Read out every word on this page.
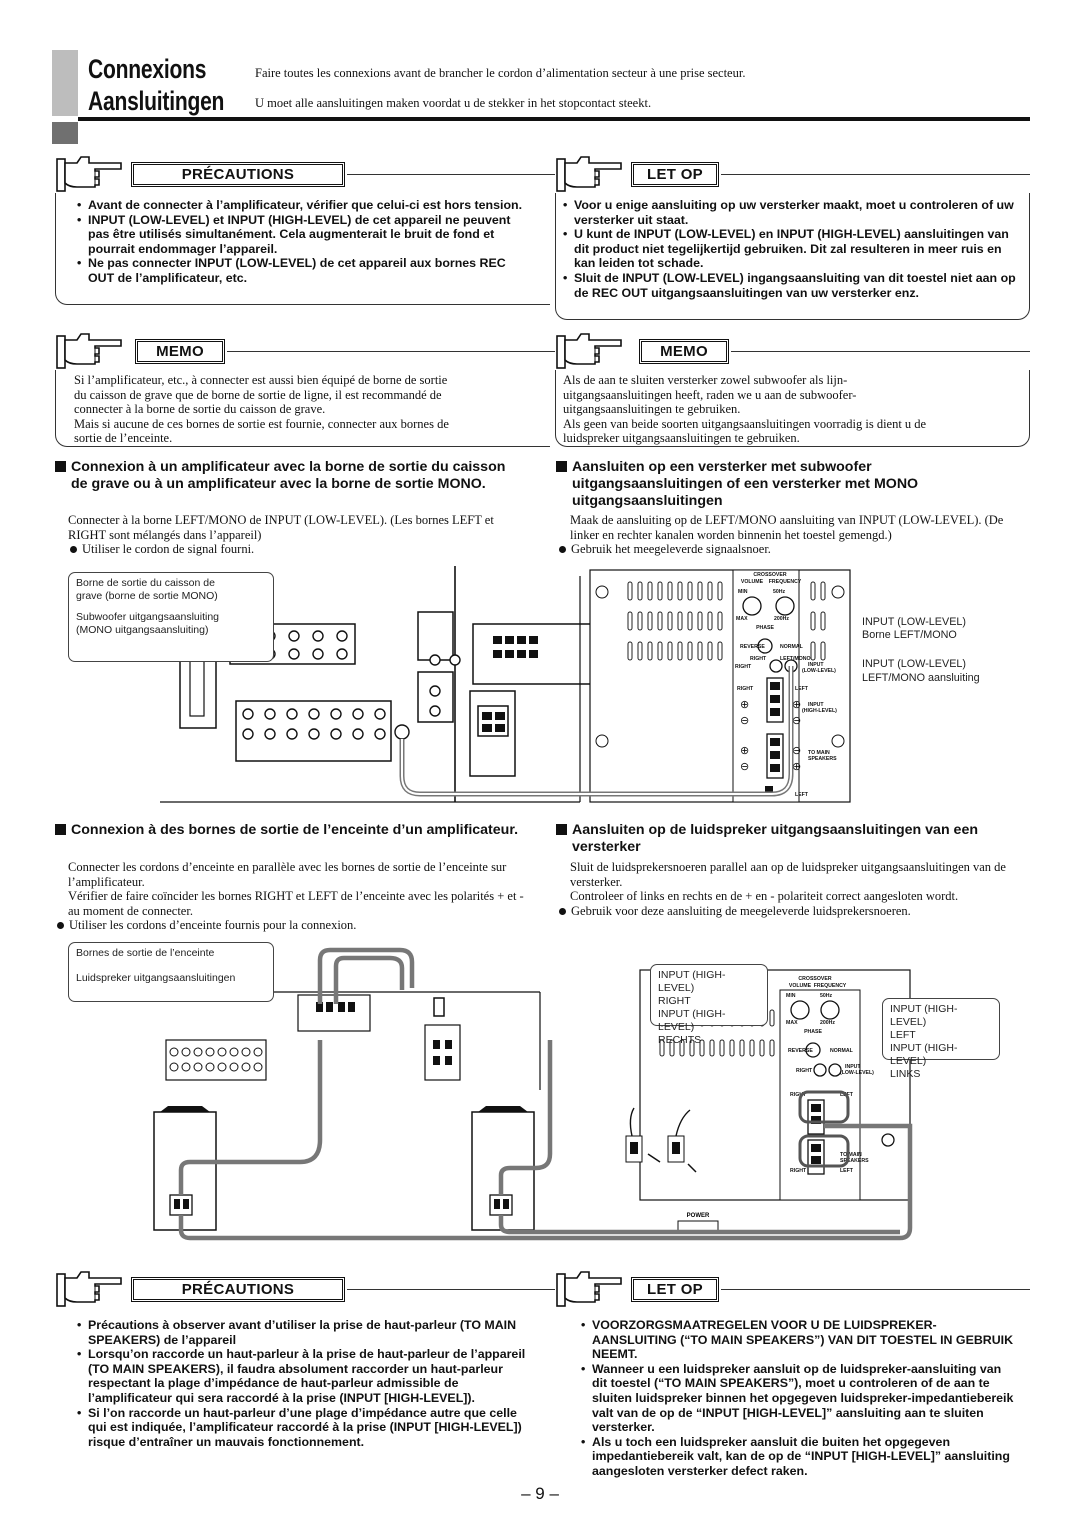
Connexions
Aansluitingen
Faire toutes les connexions avant de brancher le cordon d’alimentation secteur à une prise secteur.
U moet alle aansluitingen maken voordat u de stekker in het stopcontact steekt.
PRÉCAUTIONS
• Avant de connecter à l’amplificateur, vérifier que celui-ci est hors tension.
• INPUT (LOW-LEVEL) et INPUT (HIGH-LEVEL) de cet appareil ne peuvent pas être utilisés simultanément. Cela augmenterait le bruit de fond et pourrait endommager l’appareil.
• Ne pas connecter INPUT (LOW-LEVEL) de cet appareil aux bornes REC OUT de l’amplificateur, etc.
LET OP
• Voor u enige aansluiting op uw versterker maakt, moet u controleren of uw versterker uit staat.
• U kunt de INPUT (LOW-LEVEL) en INPUT (HIGH-LEVEL) aansluitingen van dit product niet tegelijkertijd gebruiken. Dit zal resulteren in meer ruis en kan leiden tot schade.
• Sluit de INPUT (LOW-LEVEL) ingangsaansluiting van dit toestel niet aan op de REC OUT uitgangsaansluitingen van uw versterker enz.
MEMO
Si l’amplificateur, etc., à connecter est aussi bien équipé de borne de sortie
du caisson de grave que de borne de sortie de ligne, il est recommandé de
connecter à la borne de sortie du caisson de grave.
Mais si aucune de ces bornes de sortie est fournie, connecter aux bornes de
sortie de l’enceinte.
MEMO
Als de aan te sluiten versterker zowel subwoofer als lijn-
uitgangsaansluitingen heeft, raden we u aan de subwoofer-
uitgangsaansluitingen te gebruiken.
Als geen van beide soorten uitgangsaansluitingen voorradig is dient u de
luidspreker uitgangsaansluitingen te gebruiken.
Connexion à un amplificateur avec la borne de sortie du caisson de grave ou à un amplificateur avec la borne de sortie MONO.
Connecter à la borne LEFT/MONO de INPUT (LOW-LEVEL). (Les bornes LEFT et RIGHT sont mélangés dans l’appareil)
Utiliser le cordon de signal fourni.
Aansluiten op een versterker met subwoofer uitgangsaansluitingen of een versterker met MONO uitgangsaansluitingen
Maak de aansluiting op de LEFT/MONO aansluiting van INPUT (LOW-LEVEL). (De linker en rechter kanalen worden binnenin het toestel gemengd.)
Gebruik het meegeleverde signaalsnoer.
CROSSOVER
VOLUME FREQUENCY
MIN	50Hz
MAX	200Hz
PHASE
REVERSE	NORMAL
RIGHT	LEFT/MONO
RIGHT	INPUT
(LOW-LEVEL)
RIGHT	LEFT
INPUT
(HIGH-LEVEL)
TO MAIN
SPEAKERS
RIGHT	LEFT
⊕
⊖
⊕
⊖
⊕
⊖
⊖
⊕
Borne de sortie du caisson de
grave (borne de sortie MONO)
Subwoofer uitgangsaansluiting
(MONO uitgangsaansluiting)
INPUT (LOW-LEVEL)
Borne LEFT/MONO
INPUT (LOW-LEVEL)
LEFT/MONO aansluiting
Connexion à des bornes de sortie de l’enceinte d’un amplificateur.
Connecter les cordons d’enceinte en parallèle avec les bornes de sortie de l’enceinte sur l’amplificateur.
Vérifier de faire coïncider les bornes RIGHT et LEFT de l’enceinte avec les polarités + et - au moment de connecter.
Utiliser les cordons d’enceinte fournis pour la connexion.
Aansluiten op de luidspreker uitgangsaansluitingen van een versterker
Sluit de luidsprekersnoeren parallel aan op de luidspreker uitgangsaansluitingen van de versterker.
Controleer of links en rechts en de + en - polariteit correct aangesloten wordt.
Gebruik voor deze aansluiting de meegeleverde luidsprekersnoeren.
CROSSOVER
VOLUME FREQUENCY
MIN	50Hz
MAX	200Hz
PHASE
REVERSE	NORMAL
RIGHT
INPUT
(LOW-LEVEL)
RIGHT	LEFT
TO MAIN
SPEAKERS
RIGHT	LEFT
POWER
Bornes de sortie de l’enceinte
Luidspreker uitgangsaansluitingen	INPUT (HIGH-LEVEL)
RIGHT
INPUT (HIGH-LEVEL)
RECHTS
INPUT (HIGH-LEVEL)
LEFT
INPUT (HIGH-LEVEL)
LINKS
PRÉCAUTIONS
• Précautions à observer avant d’utiliser la prise de haut-parleur (TO MAIN SPEAKERS) de l’appareil
• Lorsqu’on raccorde un haut-parleur à la prise de haut-parleur de l’appareil (TO MAIN SPEAKERS), il faudra absolument raccorder un haut-parleur respectant la plage d’impédance de haut-parleur admissible de l’amplificateur qui sera raccordé à la prise (INPUT [HIGH-LEVEL]).
• Si l’on raccorde un haut-parleur d’une plage d’impédance autre que celle qui est indiquée, l’amplificateur raccordé à la prise (INPUT [HIGH-LEVEL]) risque d’entraîner un mauvais fonctionnement.
LET OP
• VOORZORGSMAATREGELEN VOOR U DE LUIDSPREKER-AANSLUITING (“TO MAIN SPEAKERS”) VAN DIT TOESTEL IN GEBRUIK NEEMT.
• Wanneer u een luidspreker aansluit op de luidspreker-aansluiting van dit toestel (“TO MAIN SPEAKERS”), moet u controleren of de aan te sluiten luidspreker binnen het opgegeven luidspreker-impedantiebereik valt van de op de “INPUT [HIGH-LEVEL]” aansluiting aan te sluiten versterker.
• Als u toch een luidspreker aansluit die buiten het opgegeven impedantiebereik valt, kan de op de “INPUT [HIGH-LEVEL]” aansluiting aangesloten versterker defect raken.
– 9 –
